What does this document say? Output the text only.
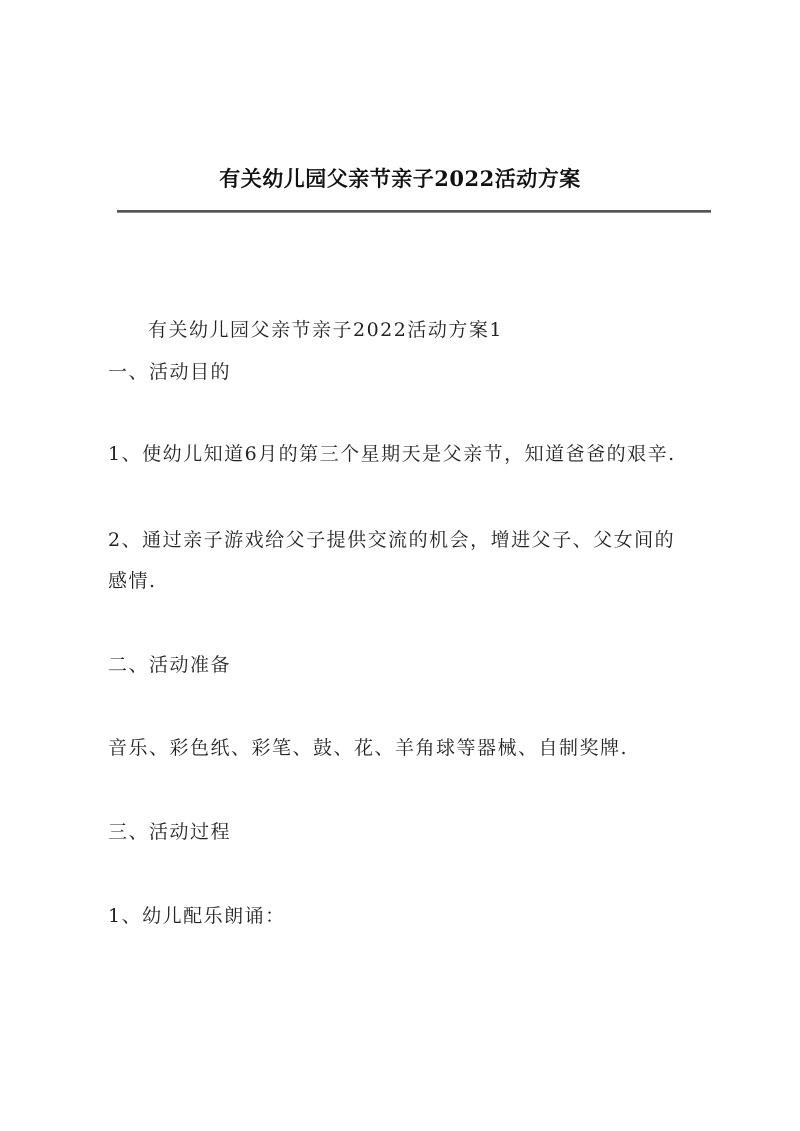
有关幼儿园父亲节亲子2022活动方案
有关幼儿园父亲节亲子2022活动方案1
一、活动目的
1、使幼儿知道6月的第三个星期天是父亲节，知道爸爸的艰辛.
2、通过亲子游戏给父子提供交流的机会，增进父子、父女间的
感情.
二、活动准备
音乐、彩色纸、彩笔、鼓、花、羊角球等器械、自制奖牌.
三、活动过程
1、幼儿配乐朗诵：
